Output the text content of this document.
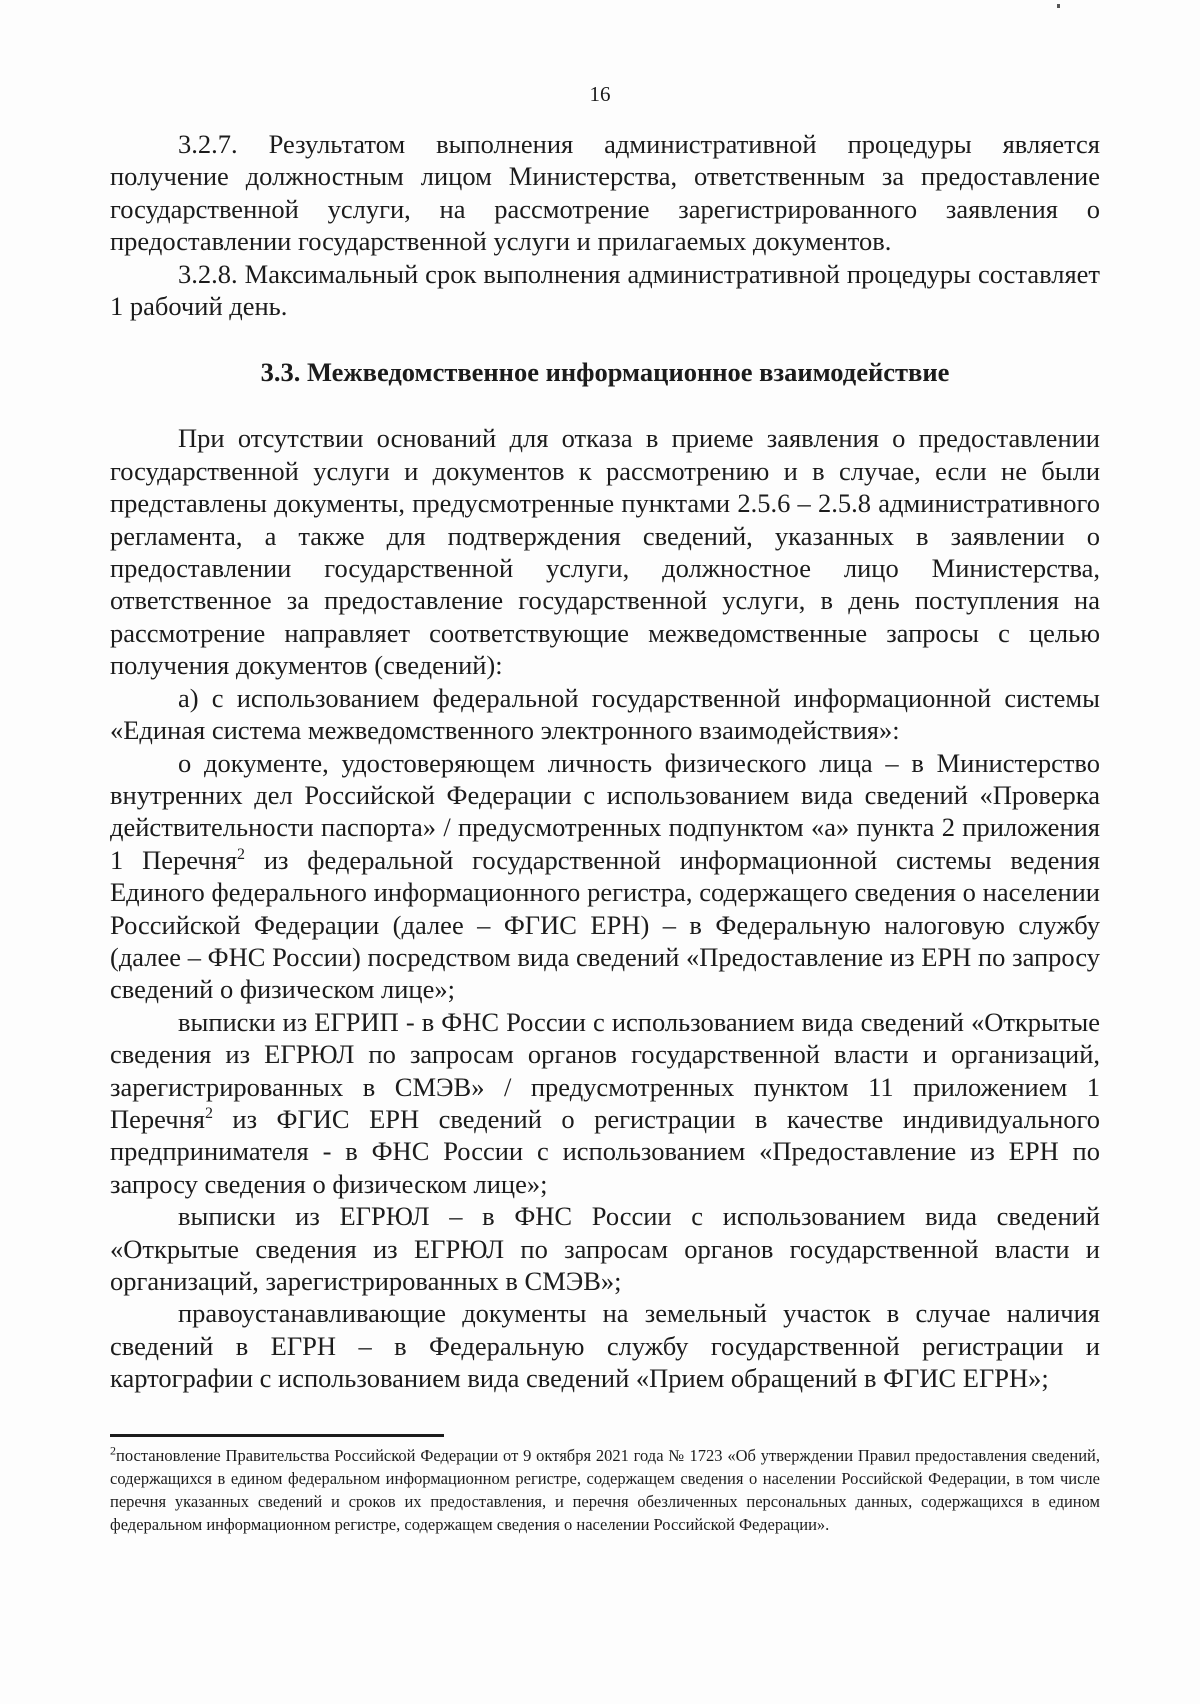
16

3.2.7. Результатом выполнения административной процедуры является получение должностным лицом Министерства, ответственным за предоставление государственной услуги, на рассмотрение зарегистрированного заявления о предоставлении государственной услуги и прилагаемых документов.

3.2.8. Максимальный срок выполнения административной процедуры составляет 1 рабочий день.

3.3. Межведомственное информационное взаимодействие

При отсутствии оснований для отказа в приеме заявления о предоставлении государственной услуги и документов к рассмотрению и в случае, если не были представлены документы, предусмотренные пунктами 2.5.6 – 2.5.8 административного регламента, а также для подтверждения сведений, указанных в заявлении о предоставлении государственной услуги, должностное лицо Министерства, ответственное за предоставление государственной услуги, в день поступления на рассмотрение направляет соответствующие межведомственные запросы с целью получения документов (сведений):

а) с использованием федеральной государственной информационной системы «Единая система межведомственного электронного взаимодействия»:

о документе, удостоверяющем личность физического лица – в Министерство внутренних дел Российской Федерации с использованием вида сведений «Проверка действительности паспорта» / предусмотренных подпунктом «а» пункта 2 приложения 1 Перечня$^2$ из федеральной государственной информационной системы ведения Единого федерального информационного регистра, содержащего сведения о населении Российской Федерации (далее – ФГИС ЕРН) – в Федеральную налоговую службу (далее – ФНС России) посредством вида сведений «Предоставление из ЕРН по запросу сведений о физическом лице»;

выписки из ЕГРИП - в ФНС России с использованием вида сведений «Открытые сведения из ЕГРЮЛ по запросам органов государственной власти и организаций, зарегистрированных в СМЭВ» / предусмотренных пунктом 11 приложением 1 Перечня$^2$ из ФГИС ЕРН сведений о регистрации в качестве индивидуального предпринимателя - в ФНС России с использованием «Предоставление из ЕРН по запросу сведения о физическом лице»;

выписки из ЕГРЮЛ – в ФНС России с использованием вида сведений «Открытые сведения из ЕГРЮЛ по запросам органов государственной власти и организаций, зарегистрированных в СМЭВ»;

правоустанавливающие документы на земельный участок в случае наличия сведений в ЕГРН – в Федеральную службу государственной регистрации и картографии с использованием вида сведений «Прием обращений в ФГИС ЕГРН»;

$^2$постановление Правительства Российской Федерации от 9 октября 2021 года № 1723 «Об утверждении Правил предоставления сведений, содержащихся в едином федеральном информационном регистре, содержащем сведения о населении Российской Федерации, в том числе перечня указанных сведений и сроков их предоставления, и перечня обезличенных персональных данных, содержащихся в едином федеральном информационном регистре, содержащем сведения о населении Российской Федерации».
